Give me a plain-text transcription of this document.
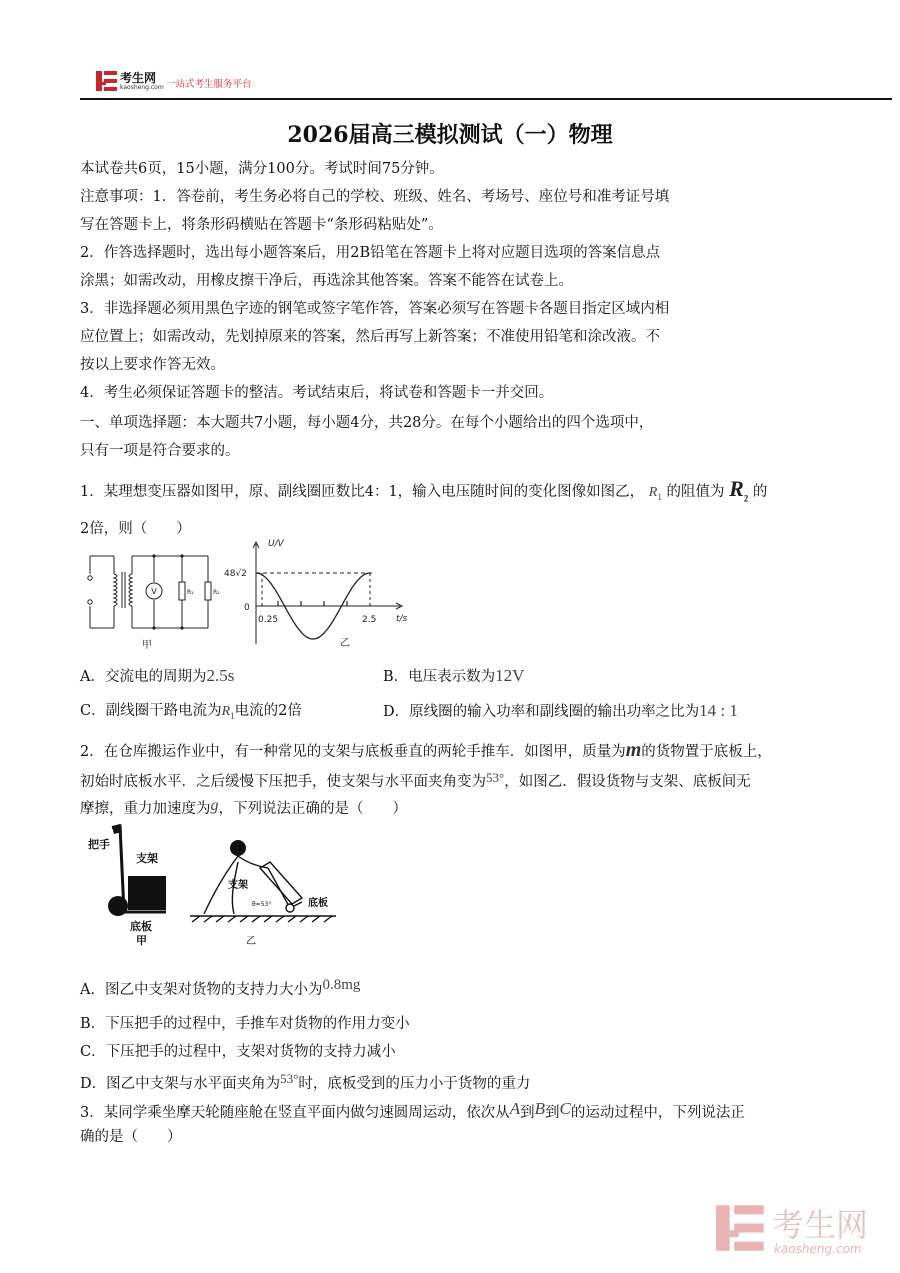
考生网
kaosheng.com 一站式考生服务平台
2026届高三模拟测试（一）物理
本试卷共6页，15小题，满分100分。考试时间75分钟。
注意事项：1．答卷前，考生务必将自己的学校、班级、姓名、考场号、座位号和准考证号填
写在答题卡上，将条形码横贴在答题卡“条形码粘贴处”。
2．作答选择题时，选出每小题答案后，用2B铅笔在答题卡上将对应题目选项的答案信息点
涂黑；如需改动，用橡皮擦干净后，再选涂其他答案。答案不能答在试卷上。
3．非选择题必须用黑色字迹的钢笔或签字笔作答，答案必须写在答题卡各题目指定区域内相
应位置上；如需改动，先划掉原来的答案，然后再写上新答案；不准使用铅笔和涂改液。不
按以上要求作答无效。
4．考生必须保证答题卡的整洁。考试结束后，将试卷和答题卡一并交回。
一、单项选择题：本大题共7小题，每小题4分，共28分。在每个小题给出的四个选项中，
只有一项是符合要求的。
1．某理想变压器如图甲，原、副线圈匝数比4：1，输入电压随时间的变化图像如图乙， $R_1$ 的阻值为 $R_2$ 的
2倍，则（　　）
V	R₁	R₂
甲
U/V
48√2
0
0.25	2.5 t/s
乙
A．交流电的周期为2.5s	B．电压表示数为12V
C．副线圈干路电流为$R_1$电流的2倍	D．原线圈的输入功率和副线圈的输出功率之比为14 : 1
2．在仓库搬运作业中，有一种常见的支架与底板垂直的两轮手推车．如图甲，质量为m的货物置于底板上，
初始时底板水平．之后缓慢下压把手，使支架与水平面夹角变为53°，如图乙．假设货物与支架、底板间无
摩擦，重力加速度为g，下列说法正确的是（　　）
把手
支架
底板
甲
支架
θ=53°	底板
乙
A．图乙中支架对货物的支持力大小为0.8mg
B．下压把手的过程中，手推车对货物的作用力变小
C．下压把手的过程中，支架对货物的支持力减小
D．图乙中支架与水平面夹角为53°时，底板受到的压力小于货物的重力
3．某同学乘坐摩天轮随座舱在竖直平面内做匀速圆周运动，依次从A到B到C的运动过程中，下列说法正
确的是（　　）
考生网
kaosheng.com
